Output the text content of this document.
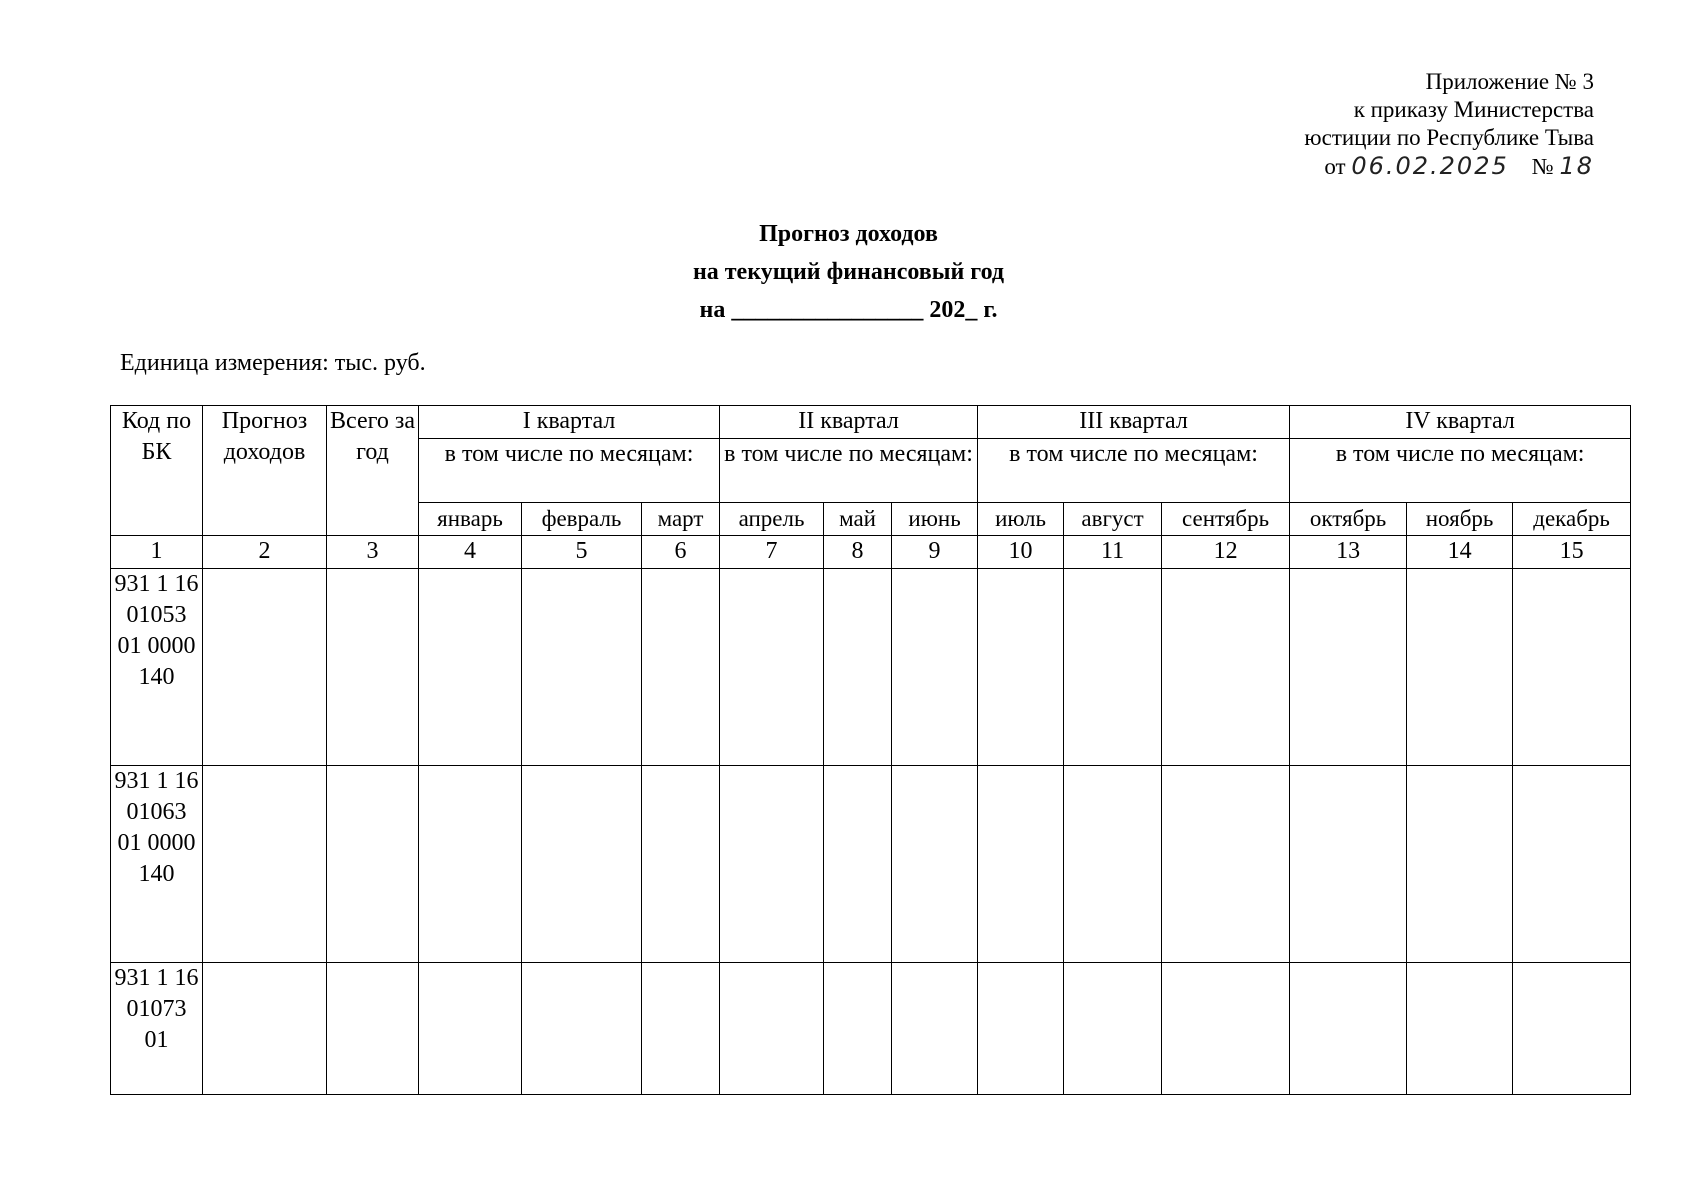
Приложение № 3
к приказу Министерства
юстиции по Республике Тыва
от 06.02.2025 № 18
Прогноз доходов
на текущий финансовый год
на ________________ 202_ г.
Единица измерения: тыс. руб.
Код по БК	Прогноз доходов	Всего за год	I квартал			II квартал			III квартал			IV квартал		
			в том числе по месяцам:			в том числе по месяцам:			в том числе по месяцам:			в том числе по месяцам:		
			январь	февраль	март	апрель	май	июнь	июль	август	сентябрь	октябрь	ноябрь	декабрь
1	2	3	4	5	6	7	8	9	10	11	12	13	14	15
931 1 16 01053 01 0000 140														
931 1 16 01063 01 0000 140														
931 1 16 01073 01														
